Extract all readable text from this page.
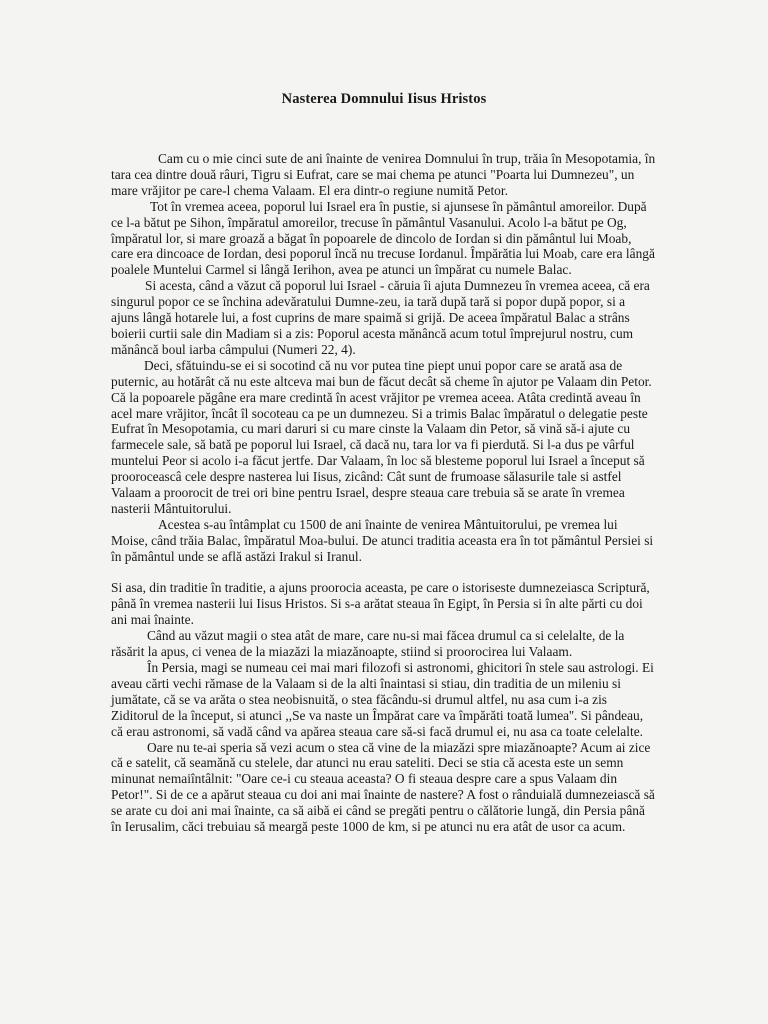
Nasterea Domnului Iisus Hristos

Cam cu o mie cinci sute de ani înainte de venirea Domnului în trup, trăia în Mesopotamia, în tara cea dintre două râuri, Tigru si Eufrat, care se mai chema pe atunci "Poarta lui Dumnezeu", un mare vrăjitor pe care-l chema Valaam. El era dintr-o regiune numită Petor.

Tot în vremea aceea, poporul lui Israel era în pustie, si ajunsese în pământul amoreilor. După ce l-a bătut pe Sihon, împăratul amoreilor, trecuse în pământul Vasanului. Acolo l-a bătut pe Og, împăratul lor, si mare groază a băgat în popoarele de dincolo de Iordan si din pământul lui Moab, care era dincoace de Iordan, desi poporul încă nu trecuse Iordanul. Împărătia lui Moab, care era lângă poalele Muntelui Carmel si lângă Ierihon, avea pe atunci un împărat cu numele Balac.

Si acesta, când a văzut că poporul lui Israel - căruia îi ajuta Dumnezeu în vremea aceea, că era singurul popor ce se închina adevăratului Dumne-zeu, ia tară după tară si popor după popor, si a ajuns lângă hotarele lui, a fost cuprins de mare spaimă si grijă. De aceea împăratul Balac a strâns boierii curtii sale din Madiam si a zis: Poporul acesta mănâncă acum totul împrejurul nostru, cum mănâncă boul iarba câmpului (Numeri 22, 4).

Deci, sfătuindu-se ei si socotind că nu vor putea tine piept unui popor care se arată asa de puternic, au hotărât că nu este altceva mai bun de făcut decât să cheme în ajutor pe Valaam din Petor. Că la popoarele păgâne era mare credintă în acest vrăjitor pe vremea aceea. Atâta credintă aveau în acel mare vrăjitor, încât îl socoteau ca pe un dumnezeu. Si a trimis Balac împăratul o delegatie peste Eufrat în Mesopotamia, cu mari daruri si cu mare cinste la Valaam din Petor, să vină să-i ajute cu farmecele sale, să bată pe poporul lui Israel, că dacă nu, tara lor va fi pierdută. Si l-a dus pe vârful muntelui Peor si acolo i-a făcut jertfe. Dar Valaam, în loc să blesteme poporul lui Israel a început să prooroceascâ cele despre nasterea lui Iisus, zicând: Cât sunt de frumoase sălasurile tale si astfel Valaam a proorocit de trei ori bine pentru Israel, despre steaua care trebuia să se arate în vremea nasterii Mântuitorului.

Acestea s-au întâmplat cu 1500 de ani înainte de venirea Mântuitorului, pe vremea lui Moise, când trăia Balac, împăratul Moa-bului. De atunci traditia aceasta era în tot pământul Persiei si în pământul unde se află astăzi Irakul si Iranul.

Si asa, din traditie în traditie, a ajuns proorocia aceasta, pe care o istoriseste dumnezeiasca Scriptură, până în vremea nasterii lui Iisus Hristos. Si s-a arătat steaua în Egipt, în Persia si în alte părti cu doi ani mai înainte.

Când au văzut magii o stea atât de mare, care nu-si mai făcea drumul ca si celelalte, de la răsărit la apus, ci venea de la miazăzi la miazănoapte, stiind si proorocirea lui Valaam.

În Persia, magi se numeau cei mai mari filozofi si astronomi, ghicitori în stele sau astrologi. Ei aveau cărti vechi rămase de la Valaam si de la alti înaintasi si stiau, din traditia de un mileniu si jumătate, că se va arăta o stea neobisnuită, o stea făcându-si drumul altfel, nu asa cum i-a zis Ziditorul de la început, si atunci ,,Se va naste un Împărat care va împărăti toată lumea''. Si pândeau, că erau astronomi, să vadă când va apărea steaua care să-si facă drumul ei, nu asa ca toate celelalte.

Oare nu te-ai speria să vezi acum o stea că vine de la miazăzi spre miazănoapte? Acum ai zice că e satelit, că seamănă cu stelele, dar atunci nu erau sateliti. Deci se stia că acesta este un semn minunat nemaiîntâlnit: "Oare ce-i cu steaua aceasta? O fi steaua despre care a spus Valaam din Petor!". Si de ce a apărut steaua cu doi ani mai înainte de nastere? A fost o rânduială dumnezeiască să se arate cu doi ani mai înainte, ca să aibă ei când se pregăti pentru o călătorie lungă, din Persia până în Ierusalim, căci trebuiau să meargă peste 1000 de km, si pe atunci nu era atât de usor ca acum.
